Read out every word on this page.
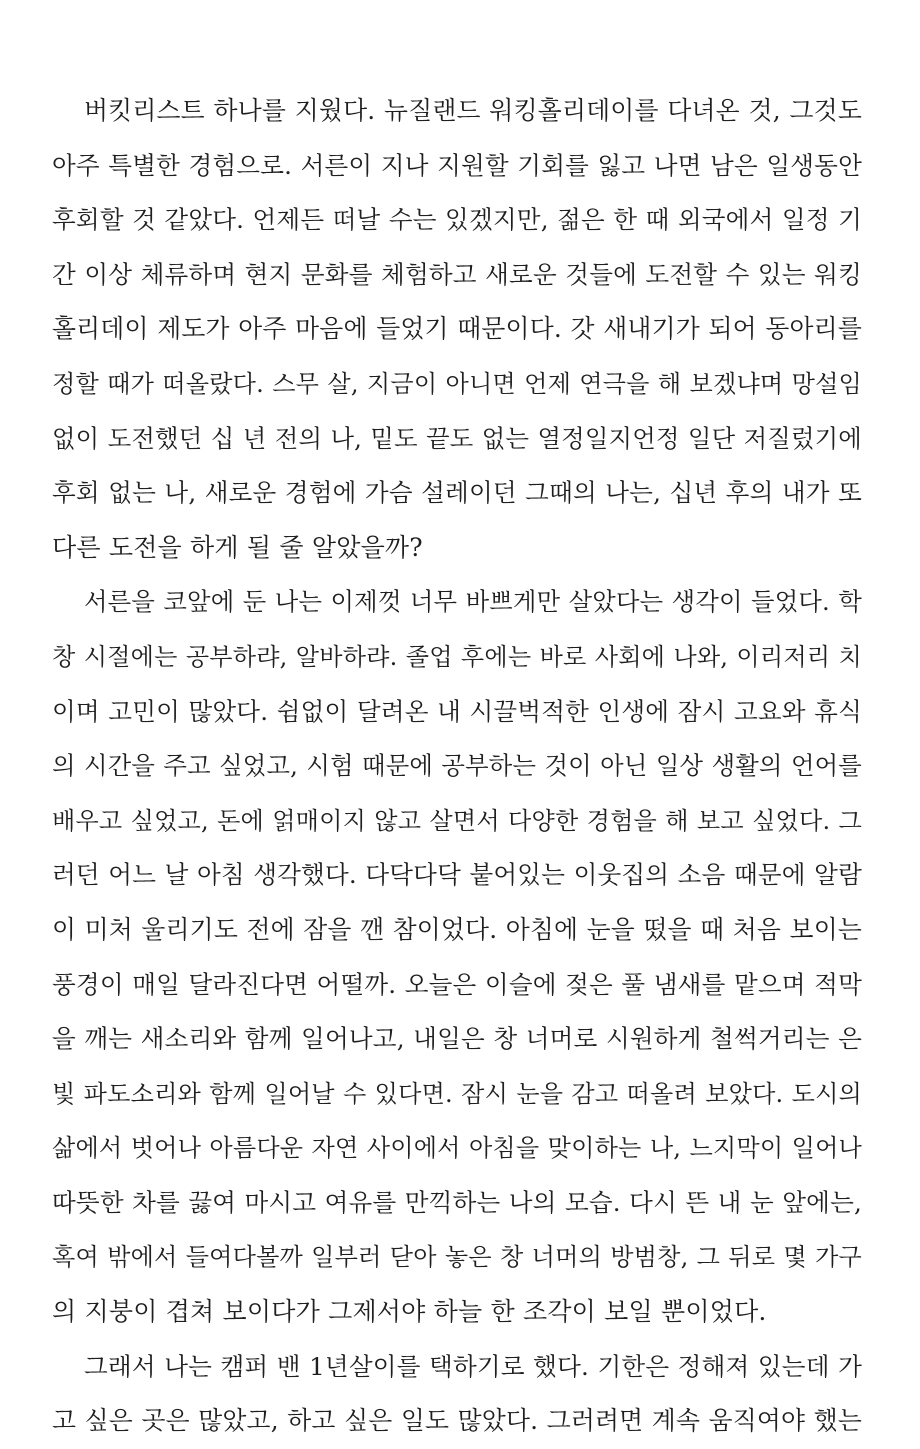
버킷리스트 하나를 지웠다. 뉴질랜드 워킹홀리데이를 다녀온 것, 그것도
아주 특별한 경험으로. 서른이 지나 지원할 기회를 잃고 나면 남은 일생동안
후회할 것 같았다. 언제든 떠날 수는 있겠지만, 젊은 한 때 외국에서 일정 기
간 이상 체류하며 현지 문화를 체험하고 새로운 것들에 도전할 수 있는 워킹
홀리데이 제도가 아주 마음에 들었기 때문이다. 갓 새내기가 되어 동아리를
정할 때가 떠올랐다. 스무 살, 지금이 아니면 언제 연극을 해 보겠냐며 망설임
없이 도전했던 십 년 전의 나, 밑도 끝도 없는 열정일지언정 일단 저질렀기에
후회 없는 나, 새로운 경험에 가슴 설레이던 그때의 나는, 십년 후의 내가 또
다른 도전을 하게 될 줄 알았을까?
서른을 코앞에 둔 나는 이제껏 너무 바쁘게만 살았다는 생각이 들었다. 학
창 시절에는 공부하랴, 알바하랴. 졸업 후에는 바로 사회에 나와, 이리저리 치
이며 고민이 많았다. 쉼없이 달려온 내 시끌벅적한 인생에 잠시 고요와 휴식
의 시간을 주고 싶었고, 시험 때문에 공부하는 것이 아닌 일상 생활의 언어를
배우고 싶었고, 돈에 얽매이지 않고 살면서 다양한 경험을 해 보고 싶었다. 그
러던 어느 날 아침 생각했다. 다닥다닥 붙어있는 이웃집의 소음 때문에 알람
이 미처 울리기도 전에 잠을 깬 참이었다. 아침에 눈을 떴을 때 처음 보이는
풍경이 매일 달라진다면 어떨까. 오늘은 이슬에 젖은 풀 냄새를 맡으며 적막
을 깨는 새소리와 함께 일어나고, 내일은 창 너머로 시원하게 철썩거리는 은
빛 파도소리와 함께 일어날 수 있다면. 잠시 눈을 감고 떠올려 보았다. 도시의
삶에서 벗어나 아름다운 자연 사이에서 아침을 맞이하는 나, 느지막이 일어나
따뜻한 차를 끓여 마시고 여유를 만끽하는 나의 모습. 다시 뜬 내 눈 앞에는,
혹여 밖에서 들여다볼까 일부러 닫아 놓은 창 너머의 방범창, 그 뒤로 몇 가구
의 지붕이 겹쳐 보이다가 그제서야 하늘 한 조각이 보일 뿐이었다.
그래서 나는 캠퍼 밴 1년살이를 택하기로 했다. 기한은 정해져 있는데 가
고 싶은 곳은 많았고, 하고 싶은 일도 많았다. 그러려면 계속 움직여야 했는
